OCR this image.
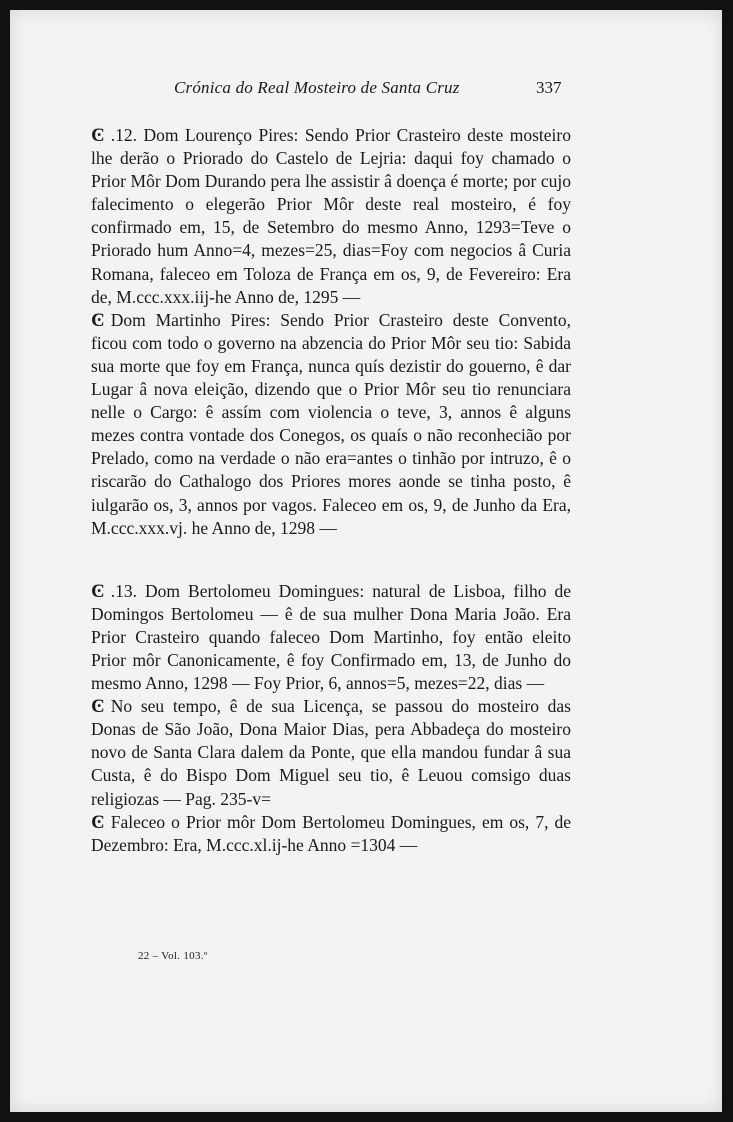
Crónica do Real Mosteiro de Santa Cruz	337

Ͼ .12. Dom Lourenço Pires: Sendo Prior Crasteiro deste mosteiro lhe derão o Priorado do Castelo de Lejria: daqui foy chamado o Prior Môr Dom Durando pera lhe assistir â doença é morte; por cujo falecimento o elegerão Prior Môr deste real mosteiro, é foy confirmado em, 15, de Setembro do mesmo Anno, 1293=Teve o Priorado hum Anno=4, mezes=25, dias=Foy com negocios â Curia Romana, faleceo em Toloza de França em os, 9, de Fevereiro: Era de, M.ccc.xxx.iij-he Anno de, 1295 —

Ͼ Dom Martinho Pires: Sendo Prior Crasteiro deste Convento, ficou com todo o governo na abzencia do Prior Môr seu tio: Sabida sua morte que foy em França, nunca quís dezistir do gouerno, ê dar Lugar â nova eleição, dizendo que o Prior Môr seu tio renunciara nelle o Cargo: ê assím com violencia o teve, 3, annos ê alguns mezes contra vontade dos Conegos, os quaís o não reconhecião por Prelado, como na verdade o não era=antes o tinhão por intruzo, ê o riscarão do Cathalogo dos Priores mores aonde se tinha posto, ê iulgarão os, 3, annos por vagos. Faleceo em os, 9, de Junho da Era, M.ccc.xxx.vj. he Anno de, 1298 —

Ͼ .13. Dom Bertolomeu Domingues: natural de Lisboa, filho de Domingos Bertolomeu — ê de sua mulher Dona Maria João. Era Prior Crasteiro quando faleceo Dom Martinho, foy então eleito Prior môr Canonicamente, ê foy Confirmado em, 13, de Junho do mesmo Anno, 1298 — Foy Prior, 6, annos=5, mezes=22, dias —

Ͼ No seu tempo, ê de sua Licença, se passou do mosteiro das Donas de São João, Dona Maior Dias, pera Abbadeça do mosteiro novo de Santa Clara dalem da Ponte, que ella mandou fundar â sua Custa, ê do Bispo Dom Miguel seu tio, ê Leuou comsigo duas religiozas — Pag. 235-v=

Ͼ Faleceo o Prior môr Dom Bertolomeu Domingues, em os, 7, de Dezembro: Era, M.ccc.xl.ij-he Anno =1304 —

22 – Vol. 103.º
